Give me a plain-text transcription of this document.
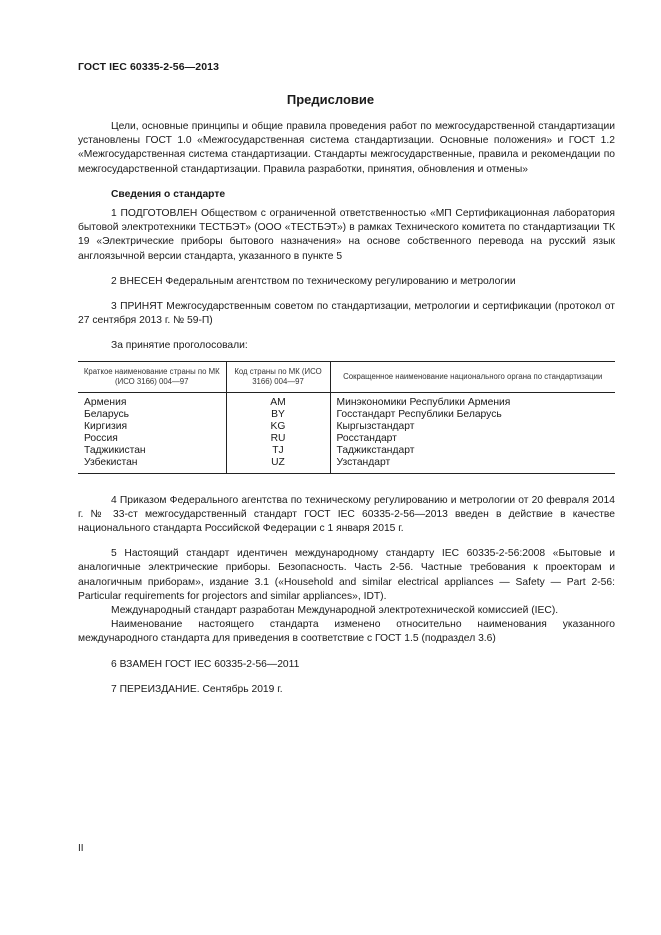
ГОСТ IEC 60335-2-56—2013
Предисловие

Цели, основные принципы и общие правила проведения работ по межгосударственной стандартизации установлены ГОСТ 1.0 «Межгосударственная система стандартизации. Основные положения» и ГОСТ 1.2 «Межгосударственная система стандартизации. Стандарты межгосударственные, правила и рекомендации по межгосударственной стандартизации. Правила разработки, принятия, обновления и отмены»

Сведения о стандарте

1 ПОДГОТОВЛЕН Обществом с ограниченной ответственностью «МП Сертификационная лаборатория бытовой электротехники ТЕСТБЭТ» (ООО «ТЕСТБЭТ») в рамках Технического комитета по стандартизации ТК 19 «Электрические приборы бытового назначения» на основе собственного перевода на русский язык англоязычной версии стандарта, указанного в пункте 5

2 ВНЕСЕН Федеральным агентством по техническому регулированию и метрологии

3 ПРИНЯТ Межгосударственным советом по стандартизации, метрологии и сертификации (протокол от 27 сентября 2013 г. № 59-П)

За принятие проголосовали:

Краткое наименование страны по МК (ИСО 3166) 004—97	Код страны по МК (ИСО 3166) 004—97	Сокращенное наименование национального органа по стандартизации
Армения	AM	Минэкономики Республики Армения
Беларусь	BY	Госстандарт Республики Беларусь
Киргизия	KG	Кыргызстандарт
Россия	RU	Росстандарт
Таджикистан	TJ	Таджикстандарт
Узбекистан	UZ	Узстандарт

4 Приказом Федерального агентства по техническому регулированию и метрологии от 20 февраля 2014 г. № 33-ст межгосударственный стандарт ГОСТ IEC 60335-2-56—2013 введен в действие в качестве национального стандарта Российской Федерации с 1 января 2015 г.

5 Настоящий стандарт идентичен международному стандарту IEC 60335-2-56:2008 «Бытовые и аналогичные электрические приборы. Безопасность. Часть 2-56. Частные требования к проекторам и аналогичным приборам», издание 3.1 («Household and similar electrical appliances — Safety — Part 2-56: Particular requirements for projectors and similar appliances», IDT).

Международный стандарт разработан Международной электротехнической комиссией (IEC).

Наименование настоящего стандарта изменено относительно наименования указанного международного стандарта для приведения в соответствие с ГОСТ 1.5 (подраздел 3.6)

6 ВЗАМЕН ГОСТ IEC 60335-2-56—2011

7 ПЕРЕИЗДАНИЕ. Сентябрь 2019 г.

II
